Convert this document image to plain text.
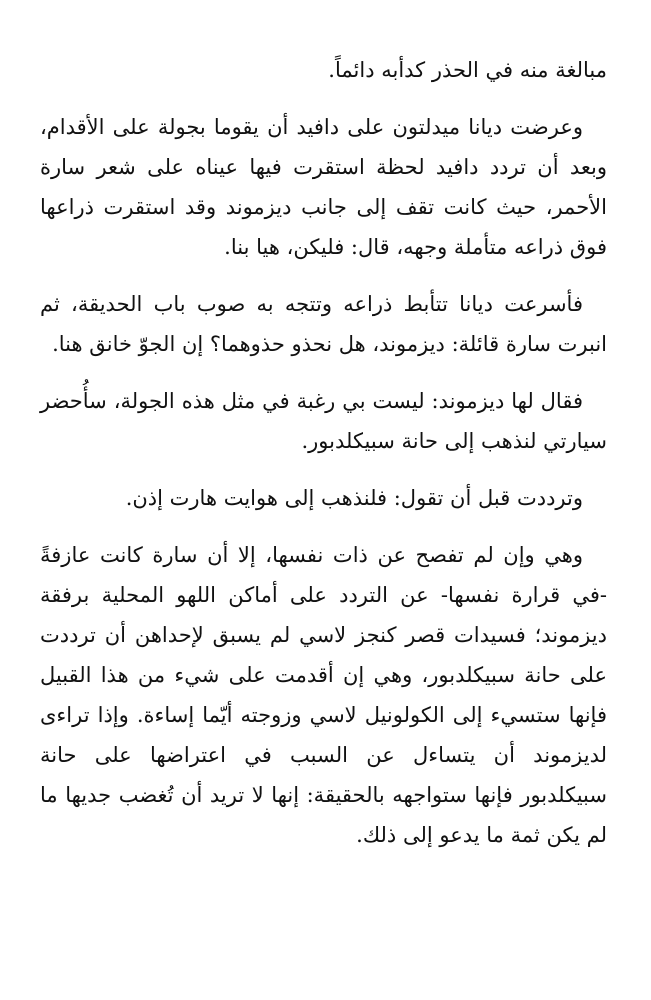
مبالغة منه في الحذر كدأبه دائماً.

وعرضت ديانا ميدلتون على دافيد أن يقوما بجولة على الأقدام، وبعد أن تردد دافيد لحظة استقرت فيها عيناه على شعر سارة الأحمر، حيث كانت تقف إلى جانب ديزموند وقد استقرت ذراعها فوق ذراعه متأملة وجهه، قال: فليكن، هيا بنا.

فأسرعت ديانا تتأبط ذراعه وتتجه به صوب باب الحديقة، ثم انبرت سارة قائلة: ديزموند، هل نحذو حذوهما؟ إن الجوّ خانق هنا.

فقال لها ديزموند: ليست بي رغبة في مثل هذه الجولة، سأُحضر سيارتي لنذهب إلى حانة سبيكلدبور.

وترددت قبل أن تقول: فلنذهب إلى هوايت هارت إذن.

وهي وإن لم تفصح عن ذات نفسها، إلا أن سارة كانت عازفةً -في قرارة نفسها- عن التردد على أماكن اللهو المحلية برفقة ديزموند؛ فسيدات قصر كنجز لاسي لم يسبق لإحداهن أن ترددت على حانة سبيكلدبور، وهي إن أقدمت على شيء من هذا القبيل فإنها ستسيء إلى الكولونيل لاسي وزوجته أيّما إساءة. وإذا تراءى لديزموند أن يتساءل عن السبب في اعتراضها على حانة سبيكلدبور فإنها ستواجهه بالحقيقة: إنها لا تريد أن تُغضب جديها ما لم يكن ثمة ما يدعو إلى ذلك.
